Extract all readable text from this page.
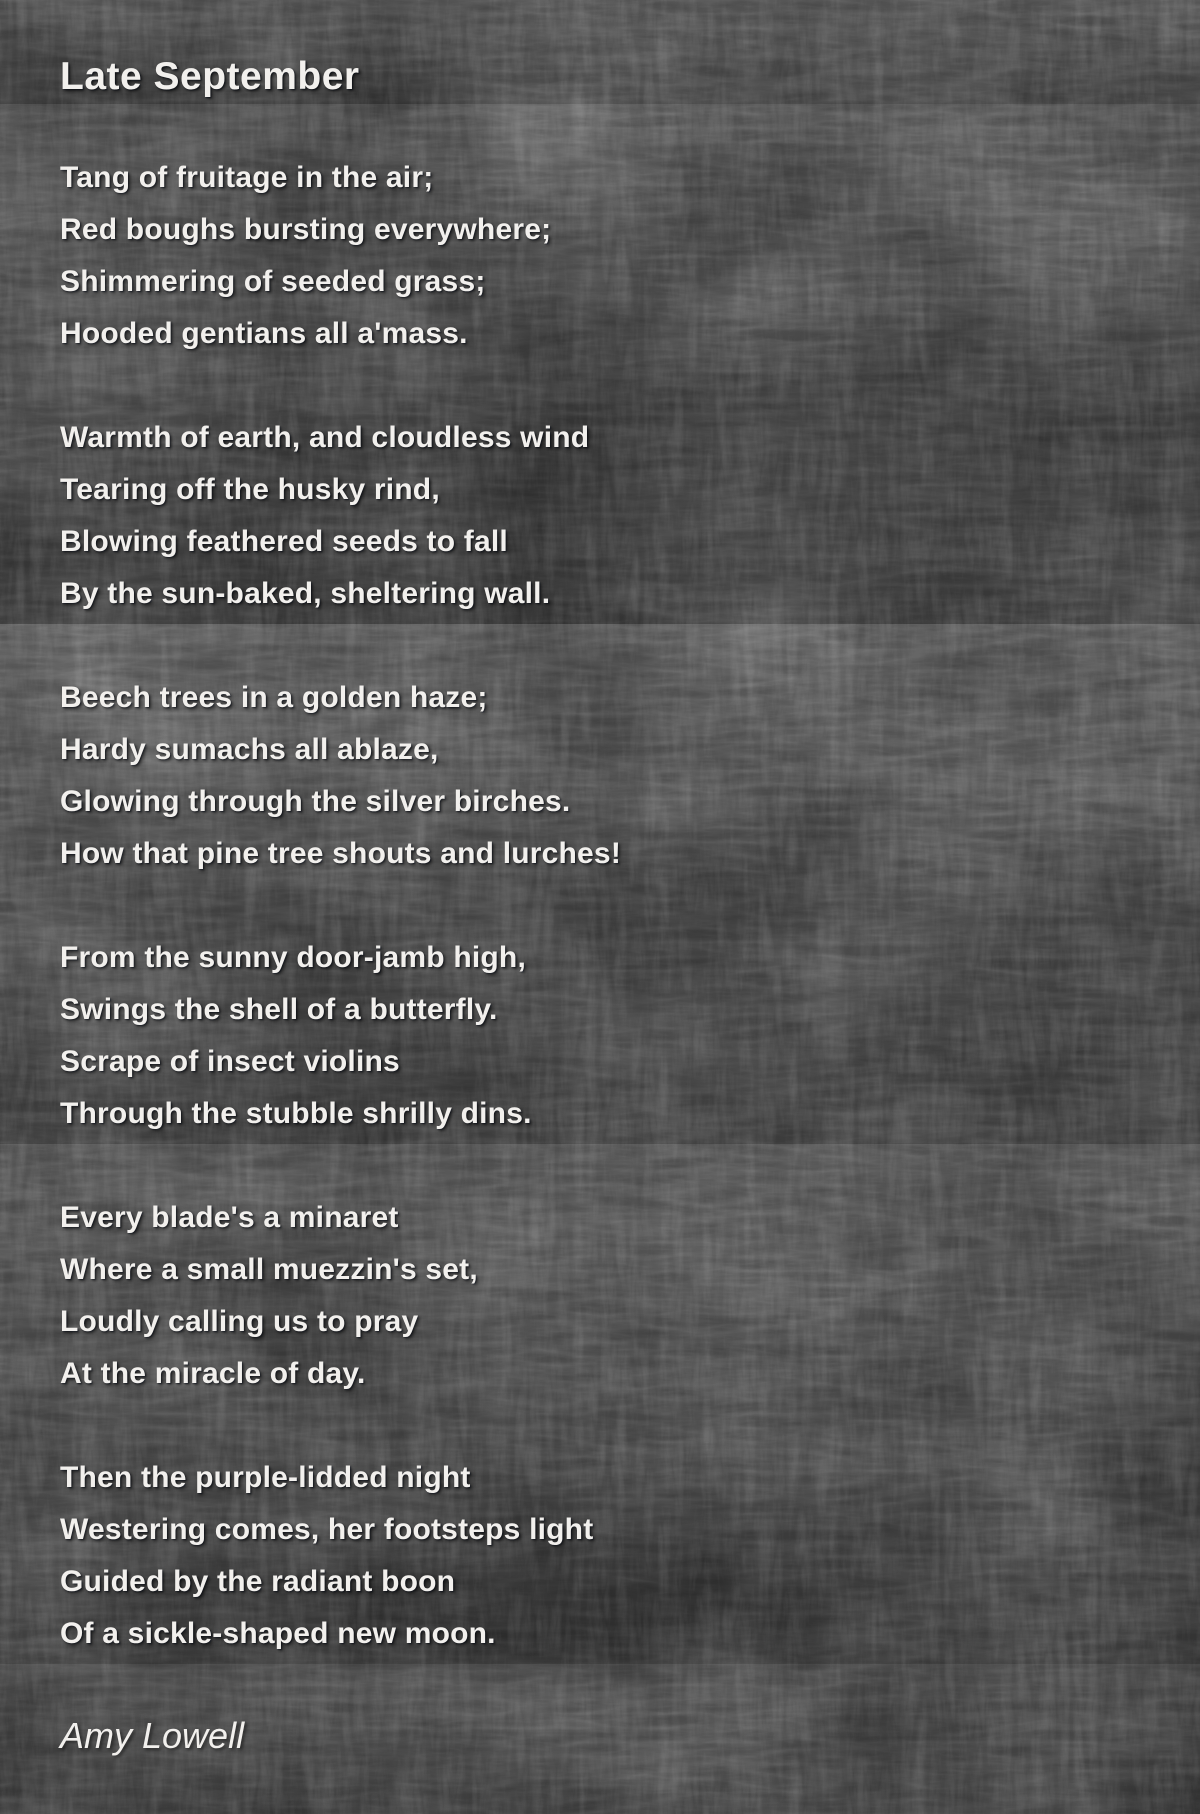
Late September
Tang of fruitage in the air;
Red boughs bursting everywhere;
Shimmering of seeded grass;
Hooded gentians all a'mass.
Warmth of earth, and cloudless wind
Tearing off the husky rind,
Blowing feathered seeds to fall
By the sun-baked, sheltering wall.
Beech trees in a golden haze;
Hardy sumachs all ablaze,
Glowing through the silver birches.
How that pine tree shouts and lurches!
From the sunny door-jamb high,
Swings the shell of a butterfly.
Scrape of insect violins
Through the stubble shrilly dins.
Every blade's a minaret
Where a small muezzin's set,
Loudly calling us to pray
At the miracle of day.
Then the purple-lidded night
Westering comes, her footsteps light
Guided by the radiant boon
Of a sickle-shaped new moon.
Amy Lowell
